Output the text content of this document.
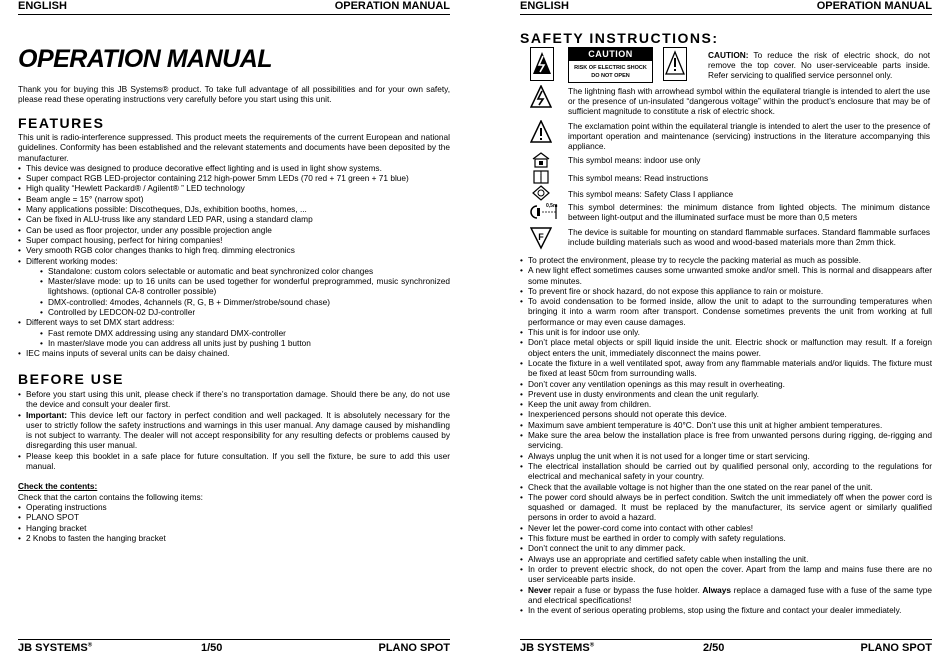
ENGLISH	OPERATION MANUAL
OPERATION MANUAL
Thank you for buying this JB Systems® product. To take full advantage of all possibilities and for your own safety, please read these operating instructions very carefully before you start using this unit.
FEATURES

This unit is radio-interference suppressed. This product meets the requirements of the current European and national guidelines. Conformity has been established and the relevant statements and documents have been deposited by the manufacturer.

• This device was designed to produce decorative effect lighting and is used in light show systems.
• Super compact RGB LED-projector containing 212 high-power 5mm LEDs (70 red + 71 green + 71 blue)
• High quality “Hewlett Packard® / Agilent® ” LED technology
• Beam angle = 15° (narrow spot)
• Many applications possible: Discotheques, DJs, exhibition booths, homes, ...
• Can be fixed in ALU-truss like any standard LED PAR, using a standard clamp
• Can be used as floor projector, under any possible projection angle
• Super compact housing, perfect for hiring companies!
• Very smooth RGB color changes thanks to high freq. dimming electronics
• Different working modes:
• Standalone: custom colors selectable or automatic and beat synchronized color changes
• Master/slave mode: up to 16 units can be used together for wonderful preprogrammed, music synchronized lightshows. (optional CA-8 controller possible)
• DMX-controlled: 4modes, 4channels (R, G, B + Dimmer/strobe/sound chase)
• Controlled by LEDCON-02 DJ-controller
• Different ways to set DMX start address:
• Fast remote DMX addressing using any standard DMX-controller
• In master/slave mode you can address all units just by pushing 1 button
• IEC mains inputs of several units can be daisy chained.
BEFORE USE
• Before you start using this unit, please check if there’s no transportation damage. Should there be any, do not use the device and consult your dealer first.
• Important: This device left our factory in perfect condition and well packaged. It is absolutely necessary for the user to strictly follow the safety instructions and warnings in this user manual. Any damage caused by mishandling is not subject to warranty. The dealer will not accept responsibility for any resulting defects or problems caused by disregarding this user manual.
• Please keep this booklet in a safe place for future consultation. If you sell the fixture, be sure to add this user manual.

Check the contents:

Check that the carton contains the following items:

• Operating instructions
• PLANO SPOT
• Hanging bracket
• 2 Knobs to fasten the hanging bracket
JB SYSTEMS®	1/50	PLANO SPOT
ENGLISH	OPERATION MANUAL
SAFETY INSTRUCTIONS:
CAUTION
RISK OF ELECTRIC SHOCK
DO NOT OPEN
CAUTION: To reduce the risk of electric shock, do not remove the top cover. No user-serviceable parts inside. Refer servicing to qualified service personnel only.
The lightning flash with arrowhead symbol within the equilateral triangle is intended to alert the use or the presence of un-insulated “dangerous voltage” within the product’s enclosure that may be of sufficient magnitude to constitute a risk of electric shock.
The exclamation point within the equilateral triangle is intended to alert the user to the presence of important operation and maintenance (servicing) instructions in the literature accompanying this appliance.
This symbol means: indoor use only
i	This symbol means: Read instructions
This symbol means: Safety Class I appliance
0,5m This symbol determines: the minimum distance from lighted objects. The minimum distance between light-output and the illuminated surface must be more than 0,5 meters
F	The device is suitable for mounting on standard flammable surfaces. Standard flammable surfaces include building materials such as wood and wood-based materials more than 2mm thick.
• To protect the environment, please try to recycle the packing material as much as possible.
• A new light effect sometimes causes some unwanted smoke and/or smell. This is normal and disappears after some minutes.
• To prevent fire or shock hazard, do not expose this appliance to rain or moisture.
• To avoid condensation to be formed inside, allow the unit to adapt to the surrounding temperatures when bringing it into a warm room after transport. Condense sometimes prevents the unit from working at full performance or may even cause damages.
• This unit is for indoor use only.
• Don’t place metal objects or spill liquid inside the unit. Electric shock or malfunction may result. If a foreign object enters the unit, immediately disconnect the mains power.
• Locate the fixture in a well ventilated spot, away from any flammable materials and/or liquids. The fixture must be fixed at least 50cm from surrounding walls.
• Don’t cover any ventilation openings as this may result in overheating.
• Prevent use in dusty environments and clean the unit regularly.
• Keep the unit away from children.
• Inexperienced persons should not operate this device.
• Maximum save ambient temperature is 40°C. Don’t use this unit at higher ambient temperatures.
• Make sure the area below the installation place is free from unwanted persons during rigging, de-rigging and servicing.
• Always unplug the unit when it is not used for a longer time or start servicing.
• The electrical installation should be carried out by qualified personal only, according to the regulations for electrical and mechanical safety in your country.
• Check that the available voltage is not higher than the one stated on the rear panel of the unit.
• The power cord should always be in perfect condition. Switch the unit immediately off when the power cord is squashed or damaged. It must be replaced by the manufacturer, its service agent or similarly qualified persons in order to avoid a hazard.
• Never let the power-cord come into contact with other cables!
• This fixture must be earthed in order to comply with safety regulations.
• Don’t connect the unit to any dimmer pack.
• Always use an appropriate and certified safety cable when installing the unit.
• In order to prevent electric shock, do not open the cover. Apart from the lamp and mains fuse there are no user serviceable parts inside.
• Never repair a fuse or bypass the fuse holder. Always replace a damaged fuse with a fuse of the same type and electrical specifications!
• In the event of serious operating problems, stop using the fixture and contact your dealer immediately.
JB SYSTEMS®	2/50	PLANO SPOT
